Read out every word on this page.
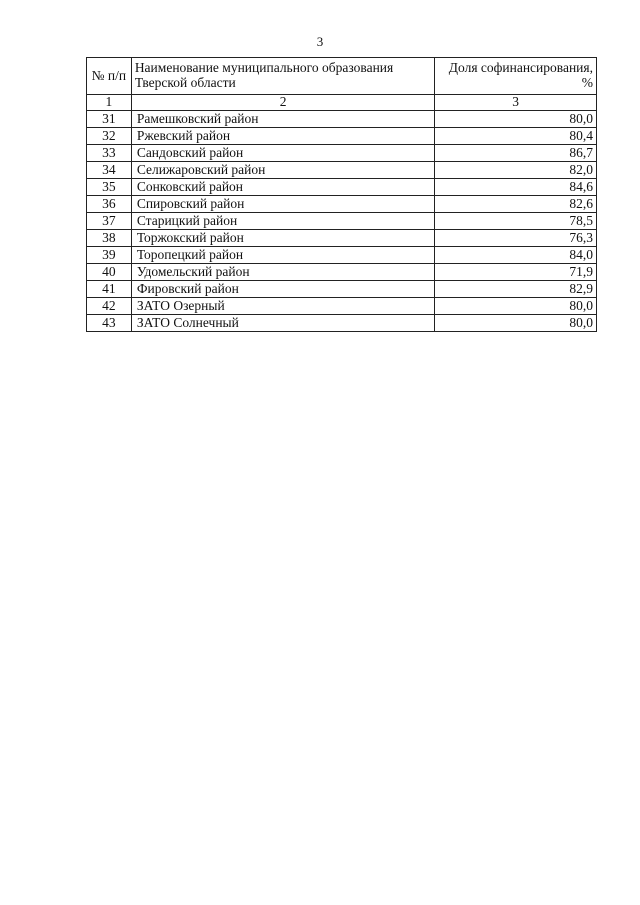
3
№ п/п	Наименование муниципального образования Тверской области	Доля софинансирования, %
1	2	3
31	Рамешковский район	80,0
32	Ржевский район	80,4
33	Сандовский район	86,7
34	Селижаровский район	82,0
35	Сонковский район	84,6
36	Спировский район	82,6
37	Старицкий район	78,5
38	Торжокский район	76,3
39	Торопецкий район	84,0
40	Удомельский район	71,9
41	Фировский район	82,9
42	ЗАТО Озерный	80,0
43	ЗАТО Солнечный	80,0
